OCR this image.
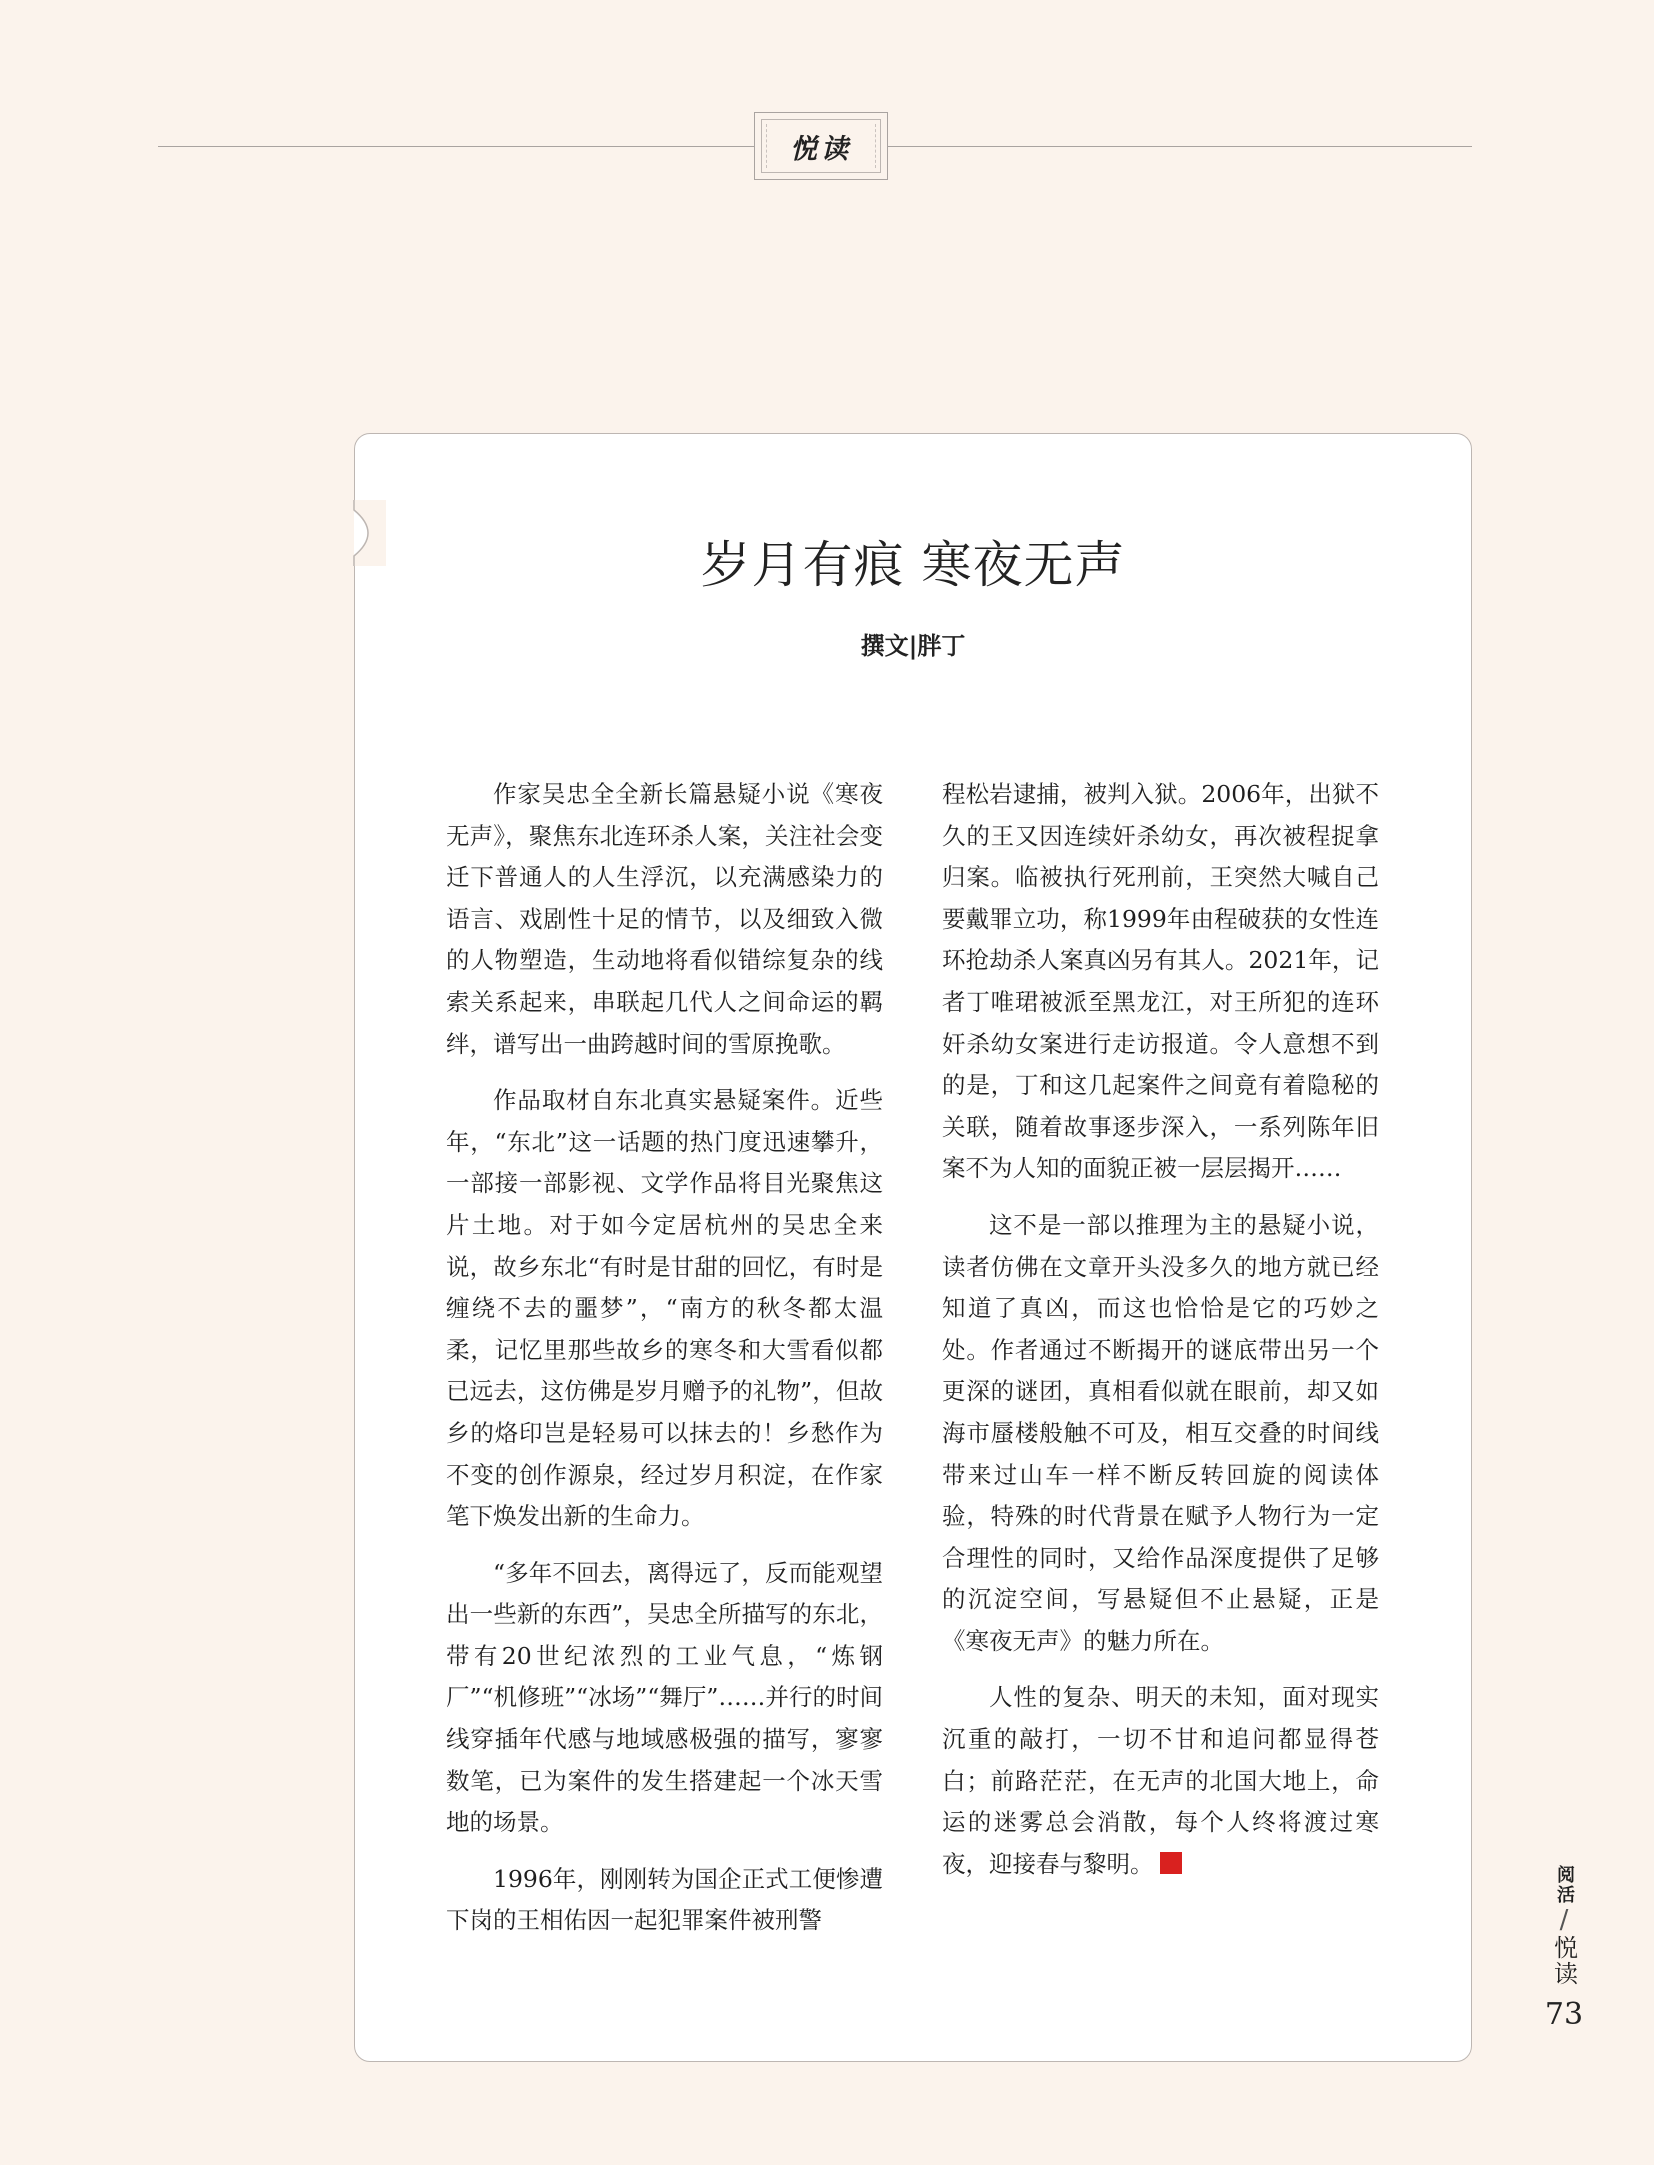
悦读
岁月有痕 寒夜无声
撰文|胖丁

作家吴忠全全新长篇悬疑小说《寒夜无声》，聚焦东北连环杀人案，关注社会变迁下普通人的人生浮沉，以充满感染力的语言、戏剧性十足的情节，以及细致入微的人物塑造，生动地将看似错综复杂的线索关系起来，串联起几代人之间命运的羁绊，谱写出一曲跨越时间的雪原挽歌。

作品取材自东北真实悬疑案件。近些年，“东北”这一话题的热门度迅速攀升，一部接一部影视、文学作品将目光聚焦这片土地。对于如今定居杭州的吴忠全来说，故乡东北“有时是甘甜的回忆，有时是缠绕不去的噩梦”，“南方的秋冬都太温柔，记忆里那些故乡的寒冬和大雪看似都已远去，这仿佛是岁月赠予的礼物”，但故乡的烙印岂是轻易可以抹去的！乡愁作为不变的创作源泉，经过岁月积淀，在作家笔下焕发出新的生命力。

“多年不回去，离得远了，反而能观望出一些新的东西”，吴忠全所描写的东北，带有20世纪浓烈的工业气息，“炼钢厂”“机修班”“冰场”“舞厅”……并行的时间线穿插年代感与地域感极强的描写，寥寥数笔，已为案件的发生搭建起一个冰天雪地的场景。

1996年，刚刚转为国企正式工便惨遭下岗的王相佑因一起犯罪案件被刑警

程松岩逮捕，被判入狱。2006年，出狱不久的王又因连续奸杀幼女，再次被程捉拿归案。临被执行死刑前，王突然大喊自己要戴罪立功，称1999年由程破获的女性连环抢劫杀人案真凶另有其人。2021年，记者丁唯珺被派至黑龙江，对王所犯的连环奸杀幼女案进行走访报道。令人意想不到的是，丁和这几起案件之间竟有着隐秘的关联，随着故事逐步深入，一系列陈年旧案不为人知的面貌正被一层层揭开……

这不是一部以推理为主的悬疑小说，读者仿佛在文章开头没多久的地方就已经知道了真凶，而这也恰恰是它的巧妙之处。作者通过不断揭开的谜底带出另一个更深的谜团，真相看似就在眼前，却又如海市蜃楼般触不可及，相互交叠的时间线带来过山车一样不断反转回旋的阅读体验，特殊的时代背景在赋予人物行为一定合理性的同时，又给作品深度提供了足够的沉淀空间，写悬疑但不止悬疑，正是《寒夜无声》的魅力所在。

人性的复杂、明天的未知，面对现实沉重的敲打，一切不甘和追问都显得苍白；前路茫茫，在无声的北国大地上，命运的迷雾总会消散，每个人终将渡过寒夜，迎接春与黎明。

阅活
/
悦读
73
